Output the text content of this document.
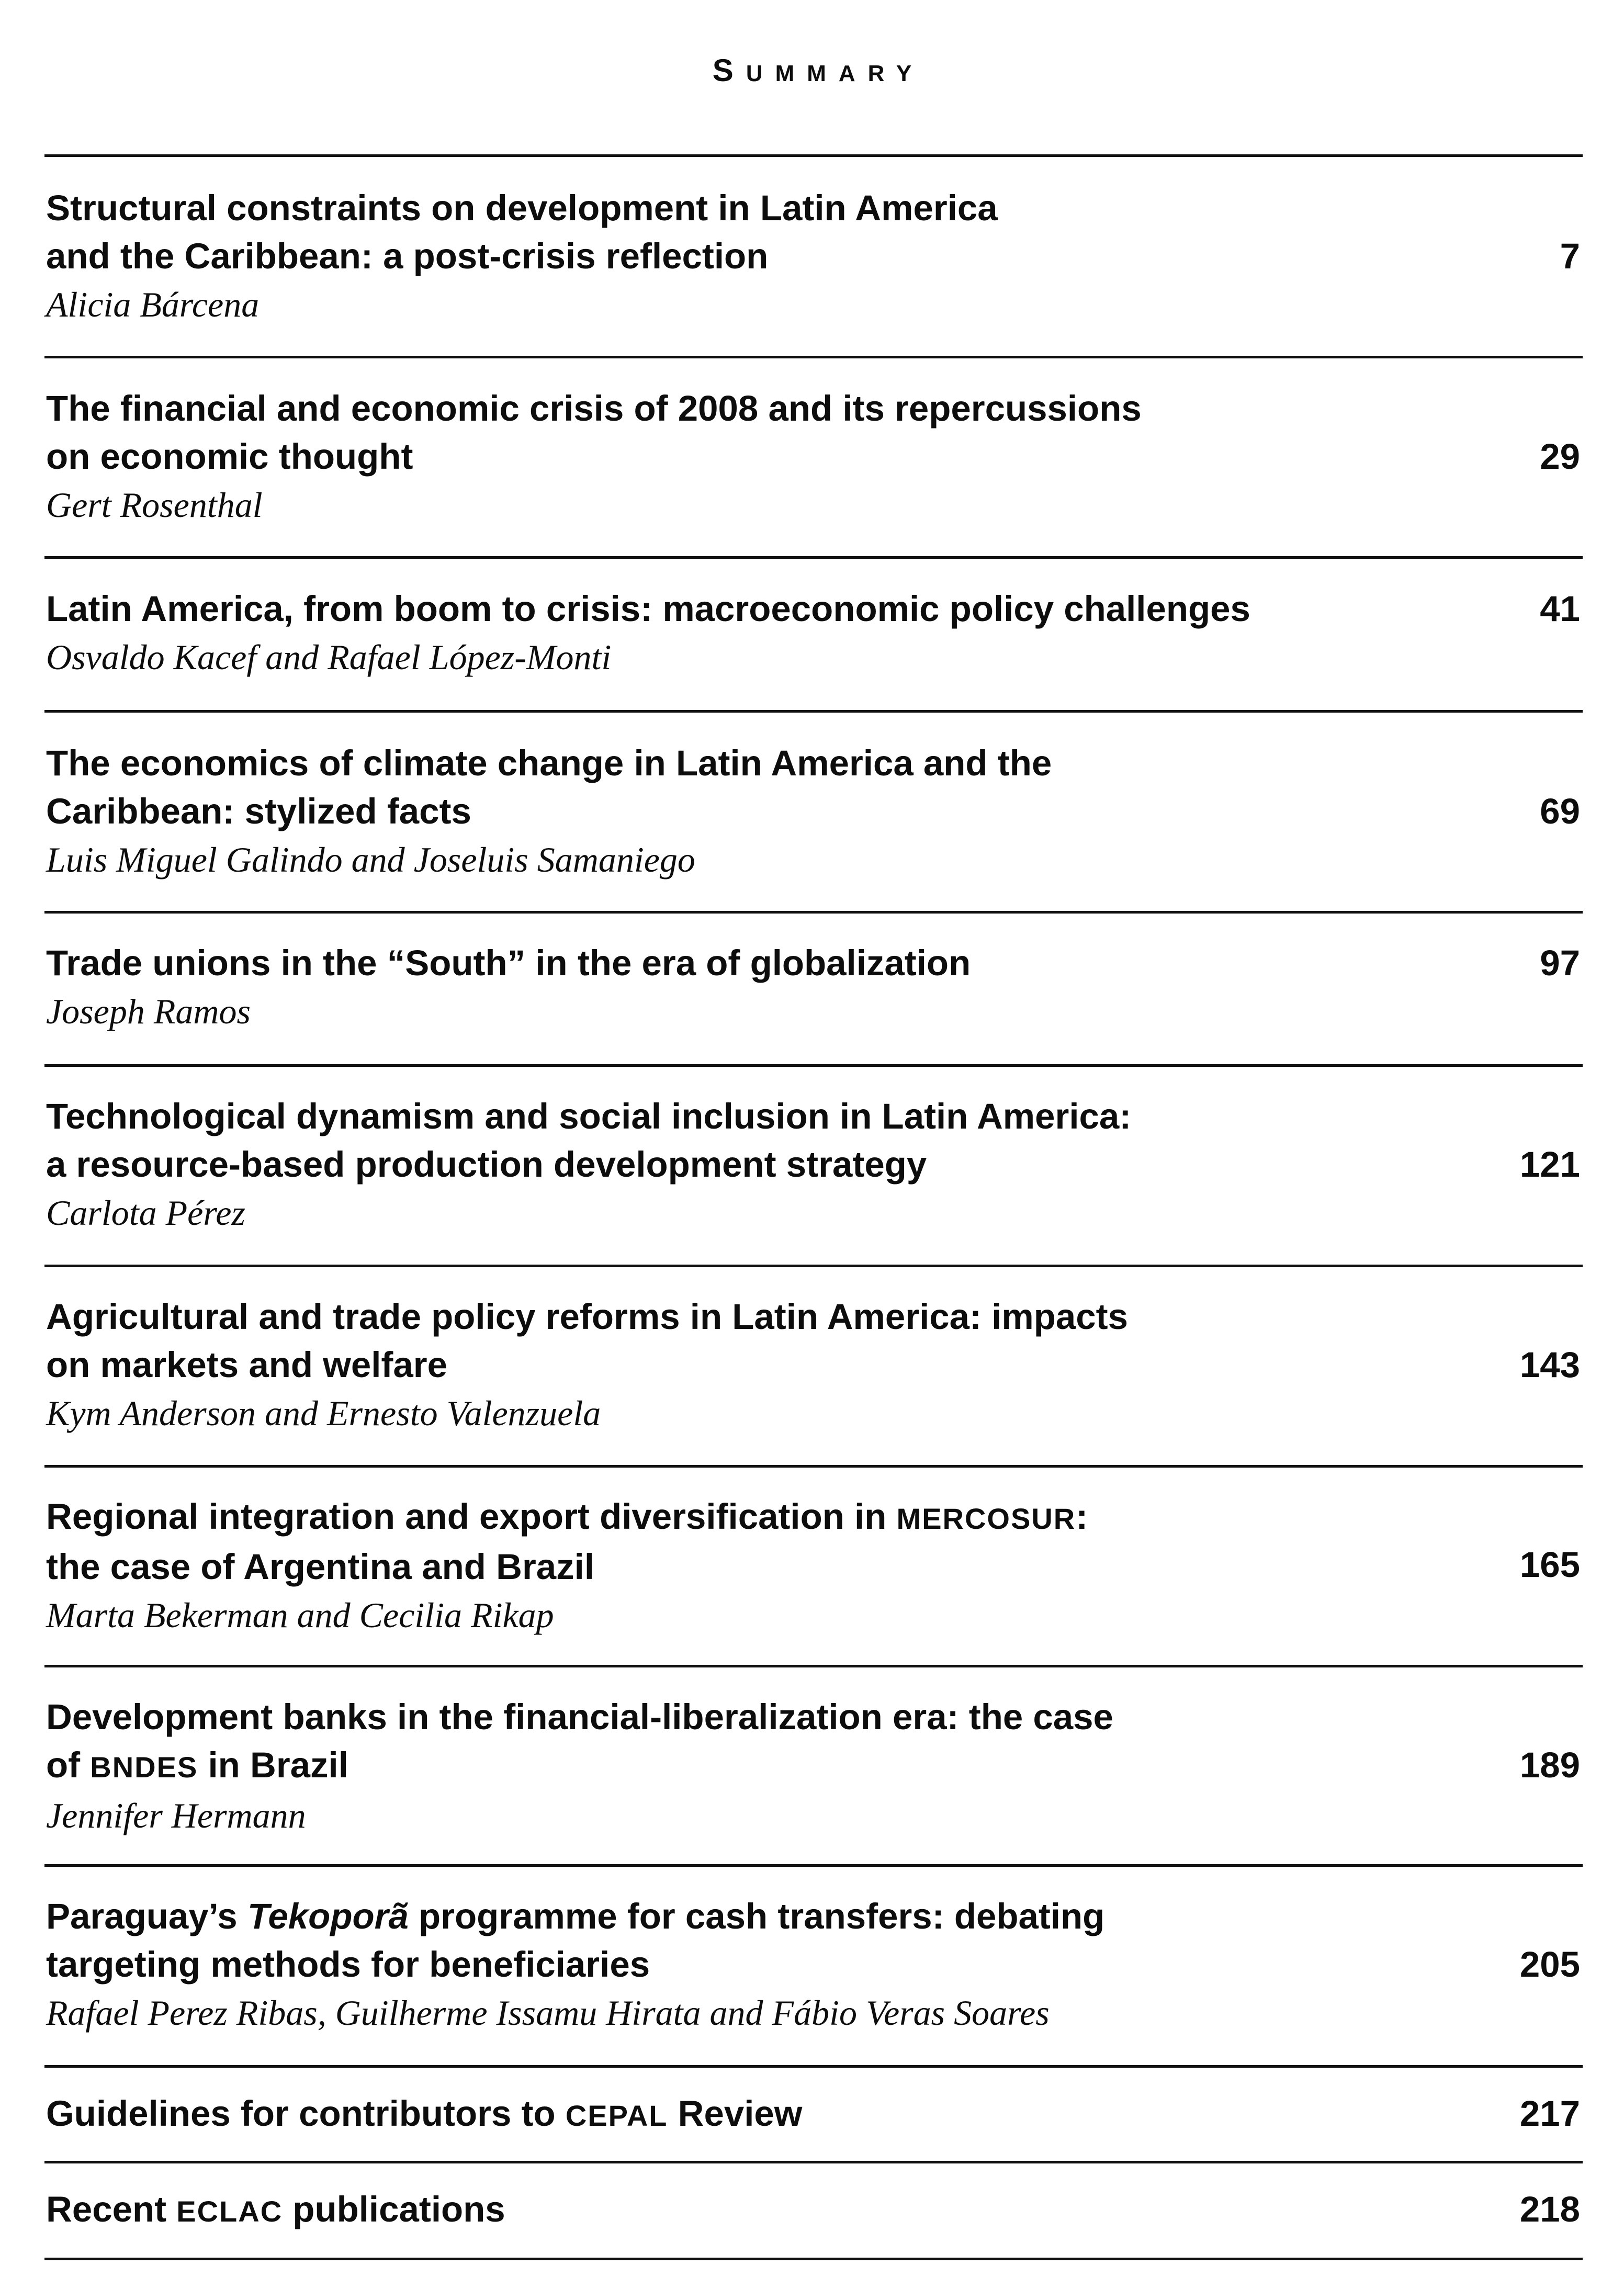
SUMMARY
Structural constraints on development in Latin America
and the Caribbean: a post-crisis reflection
Alicia Bárcena
7
The financial and economic crisis of 2008 and its repercussions
on economic thought
Gert Rosenthal
29
Latin America, from boom to crisis: macroeconomic policy challenges
Osvaldo Kacef and Rafael López-Monti
41
The economics of climate change in Latin America and the
Caribbean: stylized facts
Luis Miguel Galindo and Joseluis Samaniego
69
Trade unions in the “South” in the era of globalization
Joseph Ramos
97
Technological dynamism and social inclusion in Latin America:
a resource-based production development strategy
Carlota Pérez
121
Agricultural and trade policy reforms in Latin America: impacts
on markets and welfare
Kym Anderson and Ernesto Valenzuela
143
Regional integration and export diversification in MERCOSUR:
the case of Argentina and Brazil
Marta Bekerman and Cecilia Rikap
165
Development banks in the financial-liberalization era: the case
of BNDES in Brazil
Jennifer Hermann
189
Paraguay’s Tekoporã programme for cash transfers: debating
targeting methods for beneficiaries
Rafael Perez Ribas, Guilherme Issamu Hirata and Fábio Veras Soares
205
Guidelines for contributors to CEPAL Review	217
Recent ECLAC publications	218
